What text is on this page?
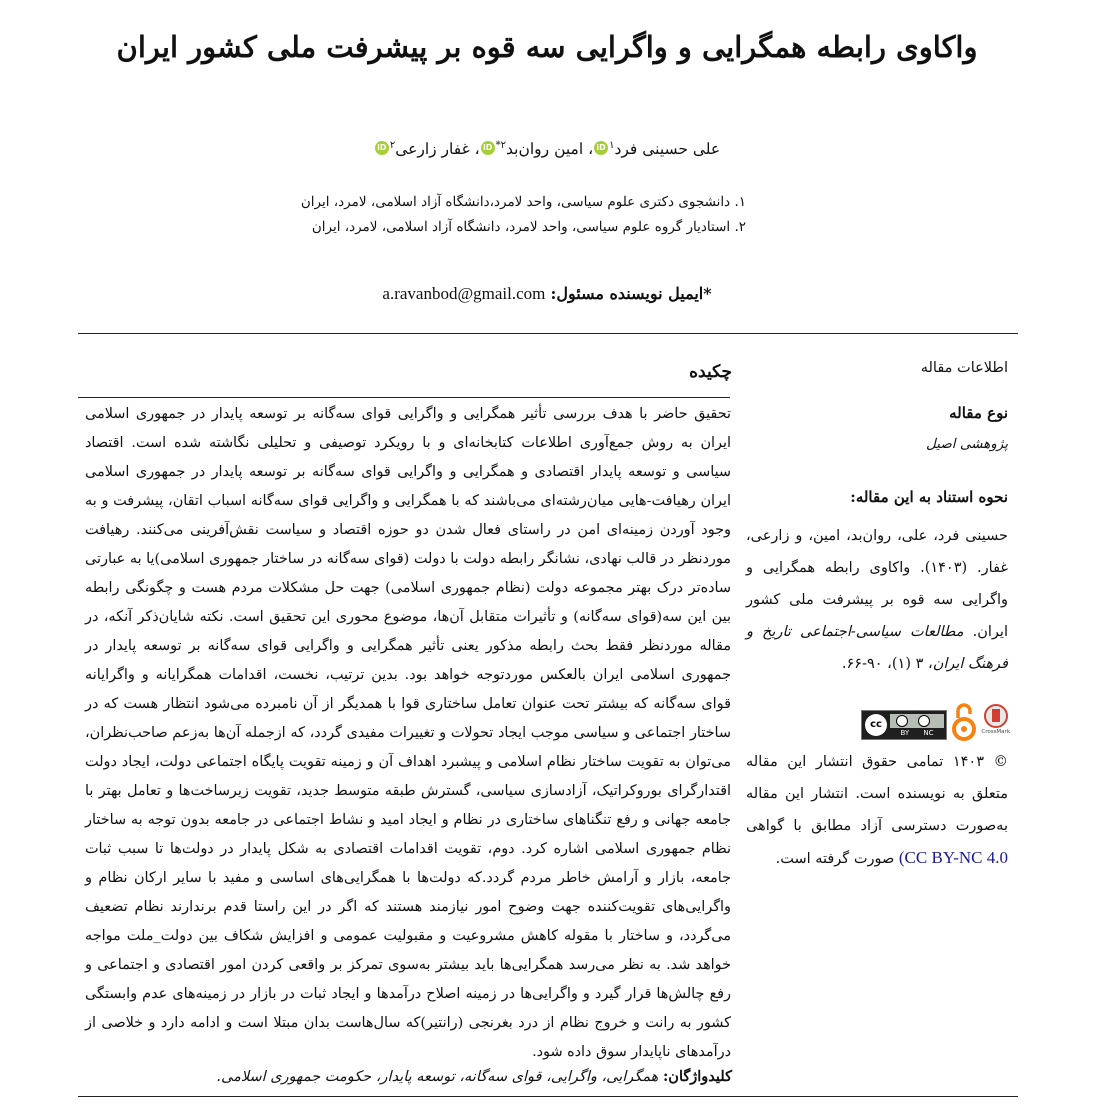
واکاوی رابطه همگرایی و واگرایی سه قوه بر پیشرفت ملی کشور ایران
علی حسینی فرد$^۱$iD، امین روان‌بد$^{۲*}$iD، غفار زارعی$^۲$iD
۱. دانشجوی دکتری علوم سیاسی، واحد لامرد،دانشگاه آزاد اسلامی، لامرد، ایران
۲. استادیار گروه علوم سیاسی، واحد لامرد، دانشگاه آزاد اسلامی، لامرد، ایران
*ایمیل نویسنده مسئول: a.ravanbod@gmail.com
اطلاعات مقاله
نوع مقاله
پژوهشی اصیل
نحوه استناد به این مقاله:
حسینی فرد، علی، روان‌بد، امین، و زارعی، غفار. (۱۴۰۳). واکاوی رابطه همگرایی و واگرایی سه قوه بر پیشرفت ملی کشور ایران. مطالعات سیاسی-اجتماعی تاریخ و فرهنگ ایران، ۳ (۱)، ۹۰-۶۶.
cc
BY NC	CrossMark
© ۱۴۰۳ تمامی حقوق انتشار این مقاله متعلق به نویسنده است. انتشار این مقاله به‌صورت دسترسی آزاد مطابق با گواهی (CC BY-NC 4.0 صورت گرفته است.
چکیده

تحقیق حاضر با هدف بررسی تأثیر همگرایی و واگرایی قوای سه‌گانه بر توسعه پایدار در جمهوری اسلامی ایران به روش جمع‌آوری اطلاعات کتابخانه‌ای و با رویکرد توصیفی و تحلیلی نگاشته شده است. اقتصاد سیاسی و توسعه پایدار اقتصادی و همگرایی و واگرایی قوای سه‌گانه بر توسعه پایدار در جمهوری اسلامی ایران رهیافت-هایی میان‌رشته‌ای می‌باشند که با همگرایی و واگرایی قوای سه‌گانه اسباب اتقان، پیشرفت و به وجود آوردن زمینه‌ای امن در راستای فعال شدن دو حوزه اقتصاد و سیاست نقش‌آفرینی می‌کنند. رهیافت موردنظر در قالب نهادی، نشانگر رابطه دولت با دولت (قوای سه‌گانه در ساختار جمهوری اسلامی)یا به عبارتی ساده‌تر درک بهتر مجموعه دولت (نظام جمهوری اسلامی) جهت حل مشکلات مردم هست و چگونگی رابطه بین این سه(قوای سه‌گانه) و تأثیرات متقابل آن‌ها، موضوع محوری این تحقیق است. نکته شایان‌ذکر آنکه، در مقاله موردنظر فقط بحث رابطه مذکور یعنی تأثیر همگرایی و واگرایی قوای سه‌گانه بر توسعه پایدار در جمهوری اسلامی ایران بالعکس موردتوجه خواهد بود. بدین ترتیب، نخست، اقدامات همگرایانه و واگرایانه قوای سه‌گانه که بیشتر تحت عنوان تعامل ساختاری قوا با همدیگر از آن نامبرده می‌شود انتظار هست که در ساختار اجتماعی و سیاسی موجب ایجاد تحولات و تغییرات مفیدی گردد، که ازجمله آن‌ها به‌زعم صاحب‌نظران، می‌توان به تقویت ساختار نظام اسلامی و پیشبرد اهداف آن و زمینه تقویت پایگاه اجتماعی دولت، ایجاد دولت اقتدارگرای بوروکراتیک، آزادسازی سیاسی، گسترش طبقه متوسط جدید، تقویت زیرساخت‌ها و تعامل بهتر با جامعه جهانی و رفع تنگناهای ساختاری در نظام و ایجاد امید و نشاط اجتماعی در جامعه بدون توجه به ساختار نظام جمهوری اسلامی اشاره کرد. دوم، تقویت اقدامات اقتصادی به شکل پایدار در دولت‌ها تا سبب ثبات جامعه، بازار و آرامش خاطر مردم گردد.که دولت‌ها با همگرایی‌های اساسی و مفید با سایر ارکان نظام و واگرایی‌های تقویت‌کننده جهت وضوح امور نیازمند هستند که اگر در این راستا قدم برندارند نظام تضعیف می‌گردد، و ساختار با مقوله کاهش مشروعیت و مقبولیت عمومی و افزایش شکاف بین دولت_ملت مواجه خواهد شد. به نظر می‌رسد همگرایی‌ها باید بیشتر به‌سوی تمرکز بر واقعی کردن امور اقتصادی و اجتماعی و رفع چالش‌ها قرار گیرد و واگرایی‌ها در زمینه اصلاح درآمدها و ایجاد ثبات در بازار در زمینه‌های عدم وابستگی کشور به رانت و خروج نظام از درد بغرنجی (رانتیر)که سال‌هاست بدان مبتلا است و ادامه دارد و خلاصی از درآمدهای ناپایدار سوق داده شود.

کلیدواژگان: همگرایی، واگرایی، قوای سه‌گانه، توسعه پایدار، حکومت جمهوری اسلامی.
